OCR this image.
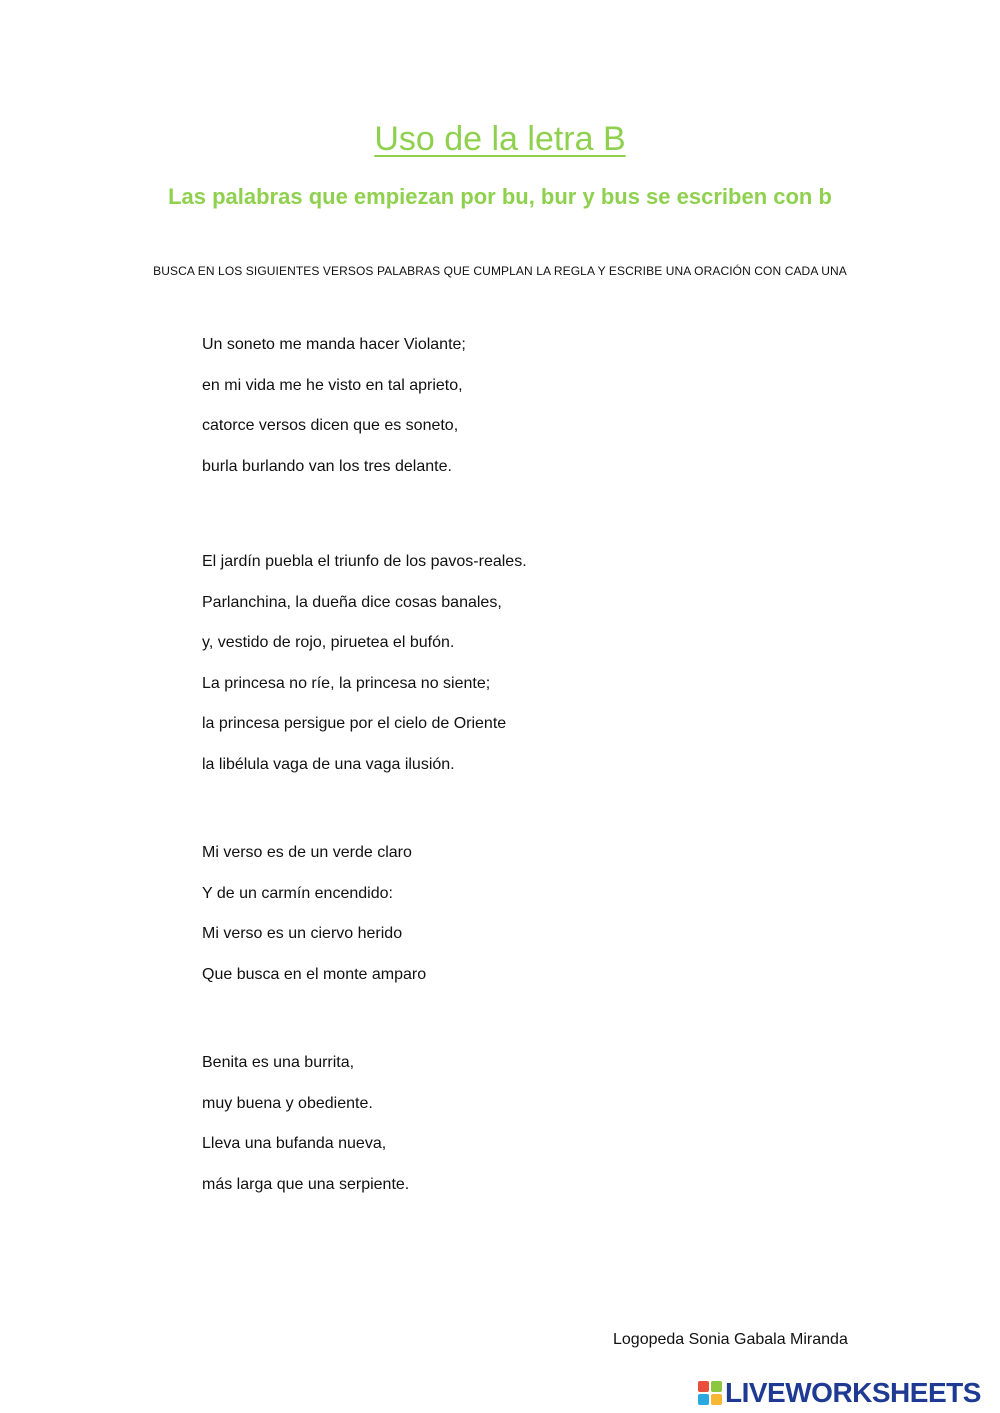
Uso de la letra B
Las palabras que empiezan por bu, bur y bus se escriben con b
BUSCA EN LOS SIGUIENTES VERSOS PALABRAS QUE CUMPLAN LA REGLA Y ESCRIBE UNA ORACIÓN CON CADA UNA
Un soneto me manda hacer Violante;
en mi vida me he visto en tal aprieto,
catorce versos dicen que es soneto,
burla burlando van los tres delante.
El jardín puebla el triunfo de los pavos-reales.
Parlanchina, la dueña dice cosas banales,
y, vestido de rojo, piruetea el bufón.
La princesa no ríe, la princesa no siente;
la princesa persigue por el cielo de Oriente
la libélula vaga de una vaga ilusión.
Mi verso es de un verde claro
Y de un carmín encendido:
Mi verso es un ciervo herido
Que busca en el monte amparo
Benita es una burrita,
muy buena y obediente.
Lleva una bufanda nueva,
más larga que una serpiente.
Logopeda Sonia Gabala Miranda
LIVEWORKSHEETS
